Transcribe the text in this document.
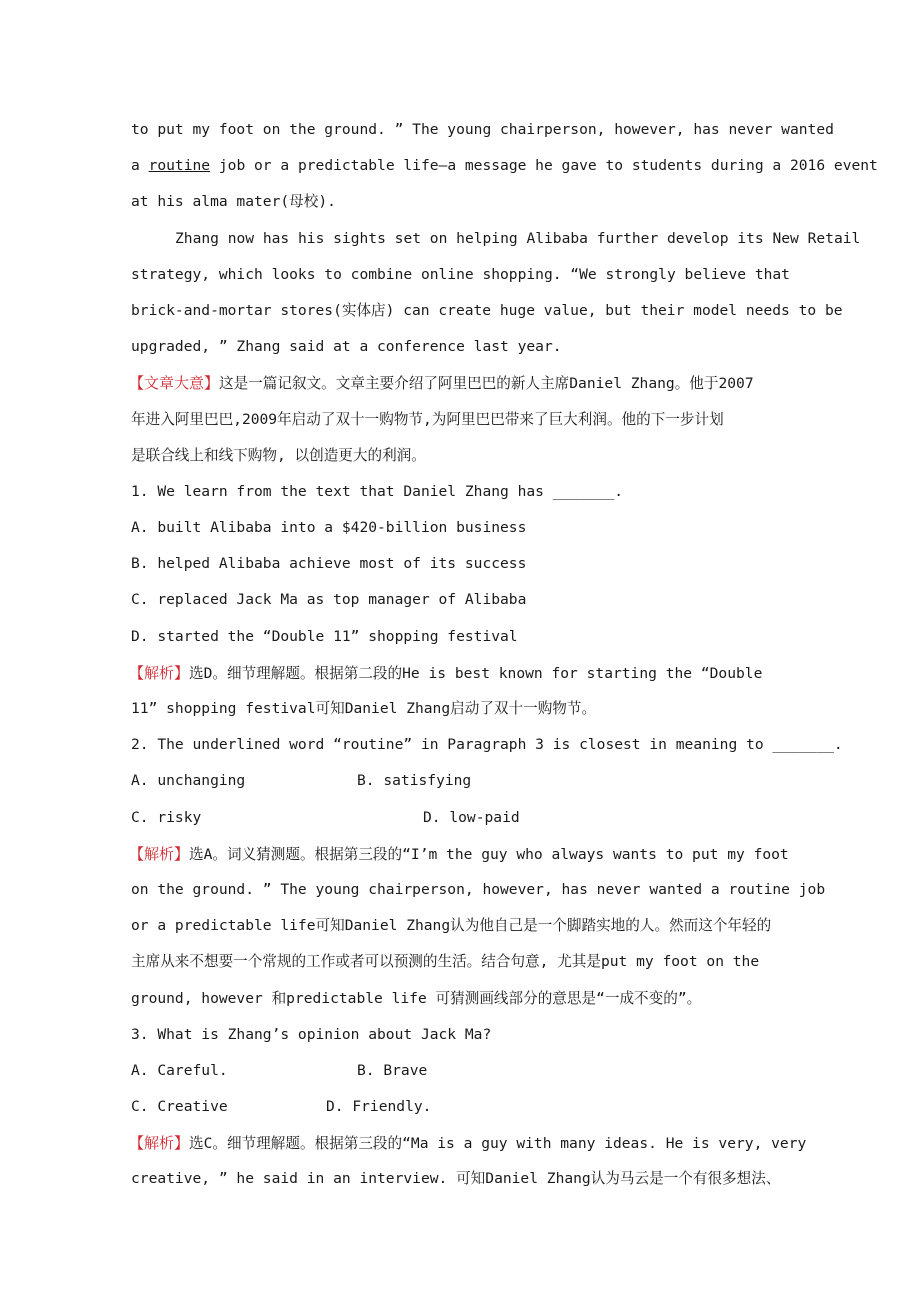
to put my foot on the ground. ” The young chairperson, however, has never wanted
a routine job or a predictable life—a message he gave to students during a 2016 event
at his alma mater(母校).
Zhang now has his sights set on helping Alibaba further develop its New Retail
strategy, which looks to combine online shopping. “We strongly believe that
brick-and-mortar stores(实体店) can create huge value, but their model needs to be
upgraded, ” Zhang said at a conference last year.
【文章大意】这是一篇记叙文。文章主要介绍了阿里巴巴的新人主席Daniel Zhang。他于2007
年进入阿里巴巴,2009年启动了双十一购物节,为阿里巴巴带来了巨大利润。他的下一步计划
是联合线上和线下购物, 以创造更大的利润。
1. We learn from the text that Daniel Zhang has _______.
A. built Alibaba into a $420-billion business
B. helped Alibaba achieve most of its success
C. replaced Jack Ma as top manager of Alibaba
D. started the “Double 11” shopping festival
【解析】选D。细节理解题。根据第二段的He is best known for starting the “Double
11” shopping festival可知Daniel Zhang启动了双十一购物节。
2. The underlined word “routine” in Paragraph 3 is closest in meaning to _______.
A. unchanging	B. satisfying
C. risky	D. low-paid
【解析】选A。词义猜测题。根据第三段的“I’m the guy who always wants to put my foot
on the ground. ” The young chairperson, however, has never wanted a routine job
or a predictable life可知Daniel Zhang认为他自己是一个脚踏实地的人。然而这个年轻的
主席从来不想要一个常规的工作或者可以预测的生活。结合句意, 尤其是put my foot on the
ground, however 和predictable life 可猜测画线部分的意思是“一成不变的”。
3. What is Zhang’s opinion about Jack Ma?
A. Careful.	B. Brave
C. Creative	D. Friendly.
【解析】选C。细节理解题。根据第三段的“Ma is a guy with many ideas. He is very, very
creative, ” he said in an interview. 可知Daniel Zhang认为马云是一个有很多想法、
